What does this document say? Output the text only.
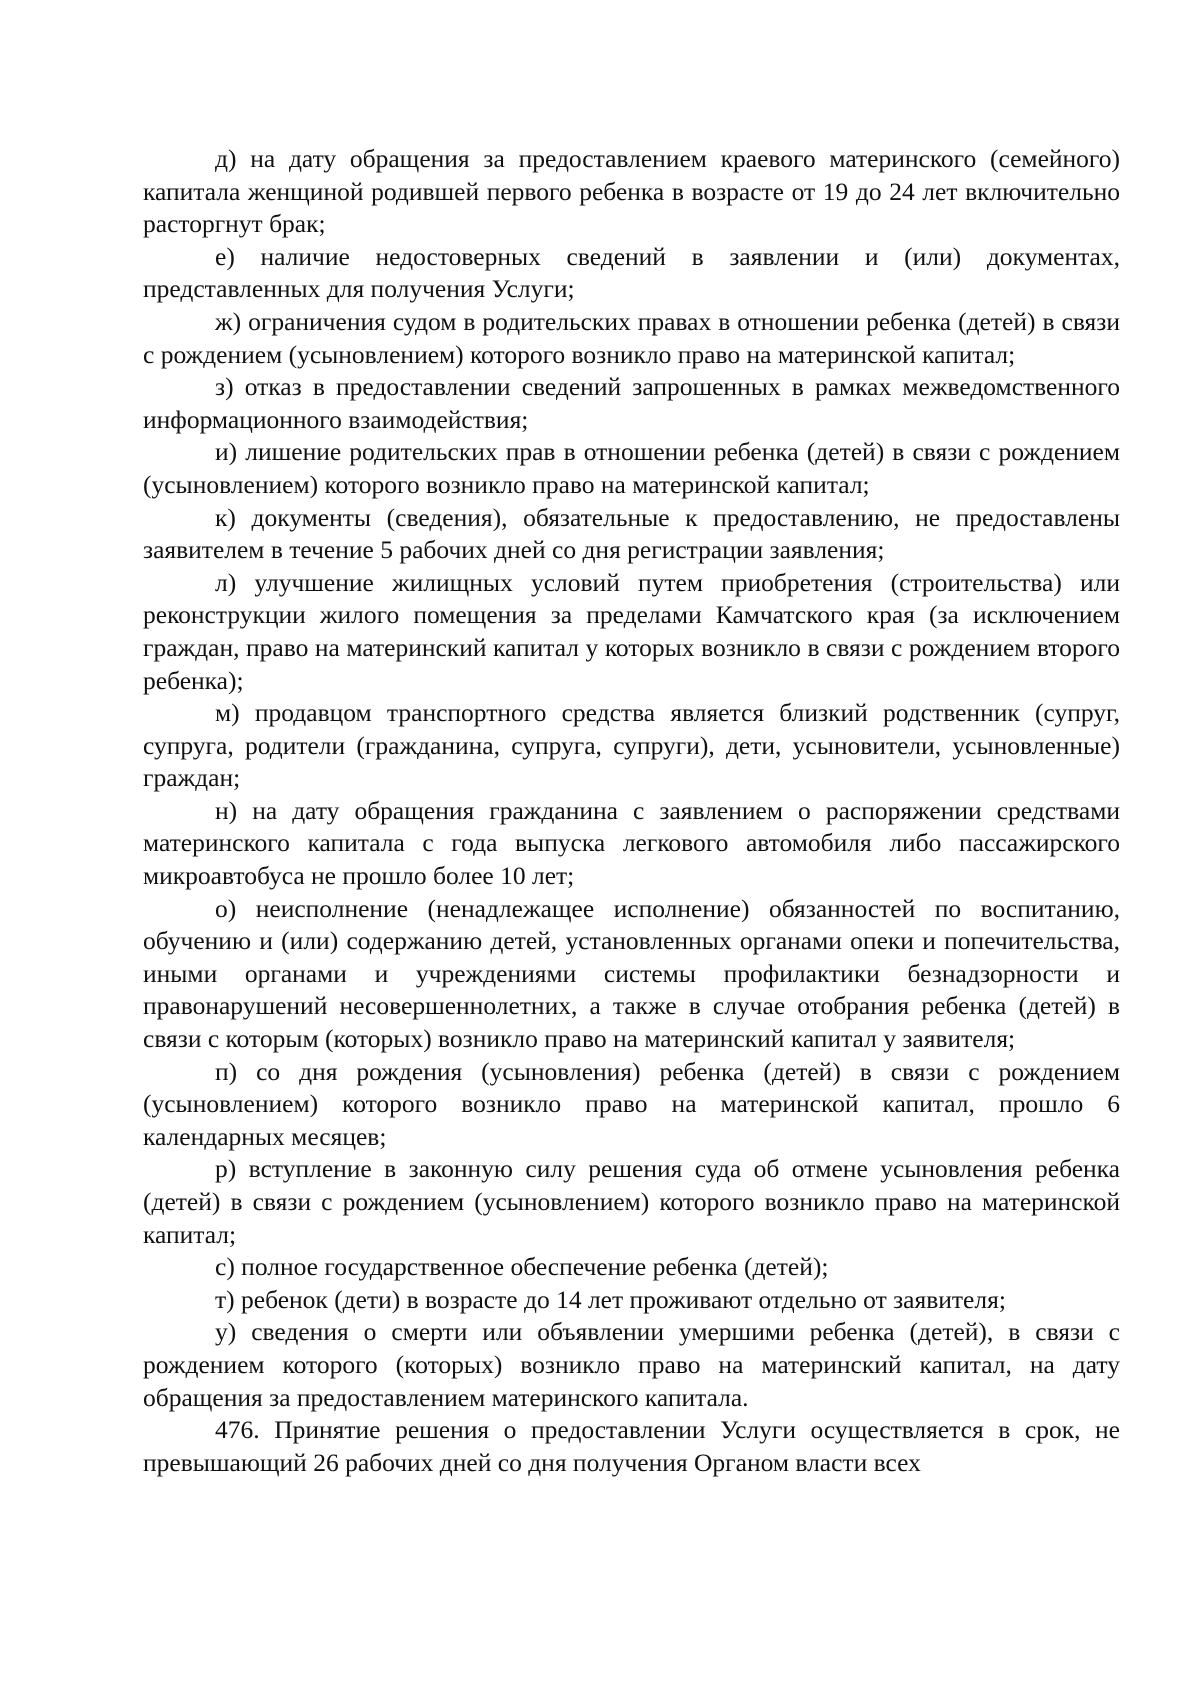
д) на дату обращения за предоставлением краевого материнского (семейного) капитала женщиной родившей первого ребенка в возрасте от 19 до 24 лет включительно расторгнут брак;

е) наличие недостоверных сведений в заявлении и (или) документах, представленных для получения Услуги;

ж) ограничения судом в родительских правах в отношении ребенка (детей) в связи с рождением (усыновлением) которого возникло право на материнской капитал;

з) отказ в предоставлении сведений запрошенных в рамках межведомственного информационного взаимодействия;

и) лишение родительских прав в отношении ребенка (детей) в связи с рождением (усыновлением) которого возникло право на материнской капитал;

к) документы (сведения), обязательные к предоставлению, не предоставлены заявителем в течение 5 рабочих дней со дня регистрации заявления;

л) улучшение жилищных условий путем приобретения (строительства) или реконструкции жилого помещения за пределами Камчатского края (за исключением граждан, право на материнский капитал у которых возникло в связи с рождением второго ребенка);

м) продавцом транспортного средства является близкий родственник (супруг, супруга, родители (гражданина, супруга, супруги), дети, усыновители, усыновленные) граждан;

н) на дату обращения гражданина с заявлением о распоряжении средствами материнского капитала с года выпуска легкового автомобиля либо пассажирского микроавтобуса не прошло более 10 лет;

о) неисполнение (ненадлежащее исполнение) обязанностей по воспитанию, обучению и (или) содержанию детей, установленных органами опеки и попечительства, иными органами и учреждениями системы профилактики безнадзорности и правонарушений несовершеннолетних, а также в случае отобрания ребенка (детей) в связи с которым (которых) возникло право на материнский капитал у заявителя;

п) со дня рождения (усыновления) ребенка (детей) в связи с рождением (усыновлением) которого возникло право на материнской капитал, прошло 6 календарных месяцев;

р) вступление в законную силу решения суда об отмене усыновления ребенка (детей) в связи с рождением (усыновлением) которого возникло право на материнской капитал;

с) полное государственное обеспечение ребенка (детей);

т) ребенок (дети) в возрасте до 14 лет проживают отдельно от заявителя;

у) сведения о смерти или объявлении умершими ребенка (детей), в связи с рождением которого (которых) возникло право на материнский капитал, на дату обращения за предоставлением материнского капитала.

476. Принятие решения о предоставлении Услуги осуществляется в срок, не превышающий 26 рабочих дней со дня получения Органом власти всех
